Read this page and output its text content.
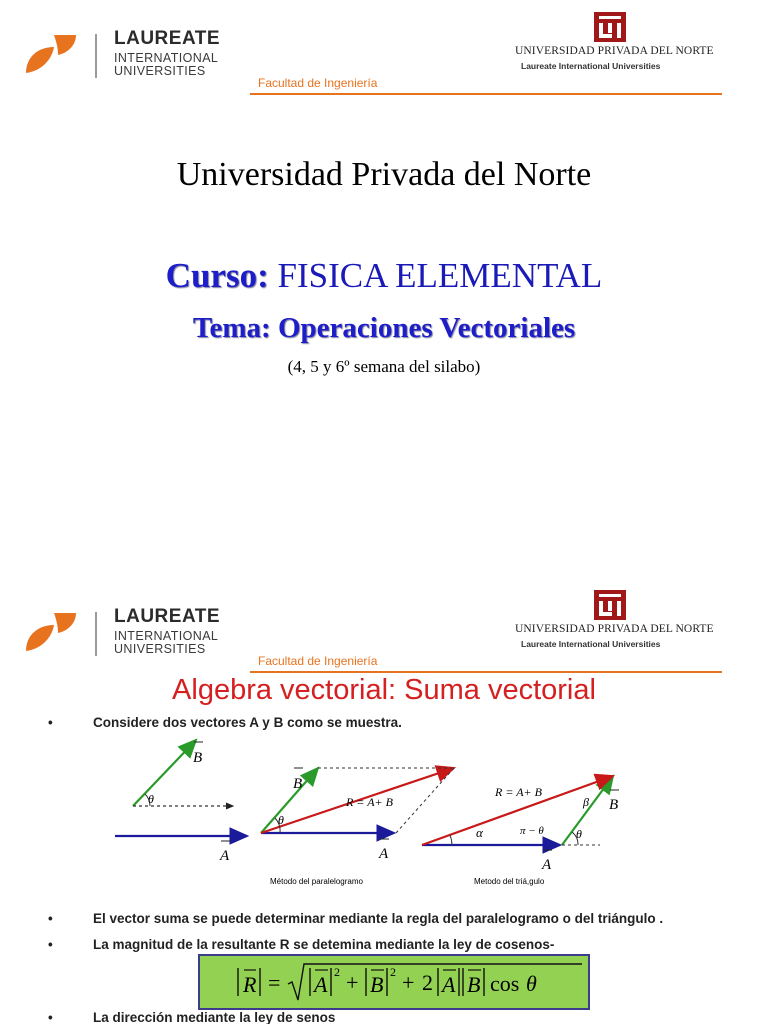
LAUREATE
INTERNATIONAL
UNIVERSITIES
Facultad de Ingeniería
UNIVERSIDAD PRIVADA DEL NORTE
Laureate International Universities
Universidad Privada del Norte
Curso: FISICA ELEMENTAL
Tema: Operaciones Vectoriales
(4, 5 y 6º semana del silabo)
LAUREATE
INTERNATIONAL
UNIVERSITIES
Facultad de Ingeniería
UNIVERSIDAD PRIVADA DEL NORTE
Laureate International Universities
Algebra vectorial: Suma vectorial
•	Considere dos vectores A y B como se muestra.
θ
B
A
θ
B
R = A+ B
A
Método del paralelogramo
α	π − θ	θ
β
R = A+ B
B
A
Metodo del triá,gulo
•	El vector suma se puede determinar mediante la regla del paralelogramo o del triángulo .
•	La magnitud de la resultante R se detemina mediante la ley de cosenos-
R = A 2 + B 2 + 2 A B cos θ
•	La dirección mediante la ley de senos
